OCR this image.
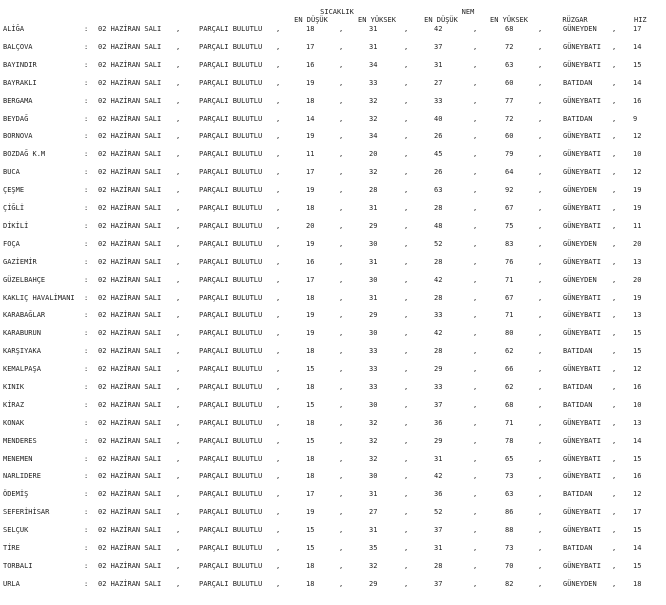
SICAKLIK	NEM
EN DÜŞÜK	EN YÜKSEK	EN DÜŞÜK	EN YÜKSEK	RÜZGAR	HIZ
ALİĞA	: 02 HAZİRAN SALI ,	PARÇALI BULUTLU ,	18	,	31	,	42	,	68	,	GÜNEYDEN , 17
BALÇOVA	: 02 HAZİRAN SALI ,	PARÇALI BULUTLU ,	17	,	31	,	37	,	72	,	GÜNEYBATI , 14
BAYINDIR	: 02 HAZİRAN SALI ,	PARÇALI BULUTLU ,	16	,	34	,	31	,	63	,	GÜNEYBATI , 15
BAYRAKLI	: 02 HAZİRAN SALI ,	PARÇALI BULUTLU ,	19	,	33	,	27	,	60	,	BATIDAN	, 14
BERGAMA	: 02 HAZİRAN SALI ,	PARÇALI BULUTLU ,	18	,	32	,	33	,	77	,	GÜNEYBATI , 16
BEYDAĞ	: 02 HAZİRAN SALI ,	PARÇALI BULUTLU ,	14	,	32	,	40	,	72	,	BATIDAN	, 9
BORNOVA	: 02 HAZİRAN SALI ,	PARÇALI BULUTLU ,	19	,	34	,	26	,	60	,	GÜNEYBATI , 12
BOZDAĞ K.M	: 02 HAZİRAN SALI ,	PARÇALI BULUTLU ,	11	,	20	,	45	,	79	,	GÜNEYBATI , 10
BUCA	: 02 HAZİRAN SALI ,	PARÇALI BULUTLU ,	17	,	32	,	26	,	64	,	GÜNEYBATI , 12
ÇEŞME	: 02 HAZİRAN SALI ,	PARÇALI BULUTLU ,	19	,	28	,	63	,	92	,	GÜNEYDEN , 19
ÇİĞLİ	: 02 HAZİRAN SALI ,	PARÇALI BULUTLU ,	18	,	31	,	28	,	67	,	GÜNEYBATI , 19
DİKİLİ	: 02 HAZİRAN SALI ,	PARÇALI BULUTLU ,	20	,	29	,	48	,	75	,	GÜNEYBATI , 11
FOÇA	: 02 HAZİRAN SALI ,	PARÇALI BULUTLU ,	19	,	30	,	52	,	83	,	GÜNEYDEN , 20
GAZİEMİR	: 02 HAZİRAN SALI ,	PARÇALI BULUTLU ,	16	,	31	,	28	,	76	,	GÜNEYBATI , 13
GÜZELBAHÇE	: 02 HAZİRAN SALI ,	PARÇALI BULUTLU ,	17	,	30	,	42	,	71	,	GÜNEYDEN , 20
KAKLIÇ HAVALİMANI : 02 HAZİRAN SALI ,	PARÇALI BULUTLU ,	18	,	31	,	28	,	67	,	GÜNEYBATI , 19
KARABAĞLAR	: 02 HAZİRAN SALI ,	PARÇALI BULUTLU ,	19	,	29	,	33	,	71	,	GÜNEYBATI , 13
KARABURUN	: 02 HAZİRAN SALI ,	PARÇALI BULUTLU ,	19	,	30	,	42	,	80	,	GÜNEYBATI , 15
KARŞIYAKA	: 02 HAZİRAN SALI ,	PARÇALI BULUTLU ,	18	,	33	,	28	,	62	,	BATIDAN	, 15
KEMALPAŞA	: 02 HAZİRAN SALI ,	PARÇALI BULUTLU ,	15	,	33	,	29	,	66	,	GÜNEYBATI , 12
KINIK	: 02 HAZİRAN SALI ,	PARÇALI BULUTLU ,	18	,	33	,	33	,	62	,	BATIDAN	, 16
KİRAZ	: 02 HAZİRAN SALI ,	PARÇALI BULUTLU ,	15	,	30	,	37	,	68	,	BATIDAN	, 10
KONAK	: 02 HAZİRAN SALI ,	PARÇALI BULUTLU ,	18	,	32	,	36	,	71	,	GÜNEYBATI , 13
MENDERES	: 02 HAZİRAN SALI ,	PARÇALI BULUTLU ,	15	,	32	,	29	,	78	,	GÜNEYBATI , 14
MENEMEN	: 02 HAZİRAN SALI ,	PARÇALI BULUTLU ,	18	,	32	,	31	,	65	,	GÜNEYBATI , 15
NARLIDERE	: 02 HAZİRAN SALI ,	PARÇALI BULUTLU ,	18	,	30	,	42	,	73	,	GÜNEYBATI , 16
ÖDEMİŞ	: 02 HAZİRAN SALI ,	PARÇALI BULUTLU ,	17	,	31	,	36	,	63	,	BATIDAN	, 12
SEFERİHİSAR	: 02 HAZİRAN SALI ,	PARÇALI BULUTLU ,	19	,	27	,	52	,	86	,	GÜNEYBATI , 17
SELÇUK	: 02 HAZİRAN SALI ,	PARÇALI BULUTLU ,	15	,	31	,	37	,	88	,	GÜNEYBATI , 15
TİRE	: 02 HAZİRAN SALI ,	PARÇALI BULUTLU ,	15	,	35	,	31	,	73	,	BATIDAN	, 14
TORBALI	: 02 HAZİRAN SALI ,	PARÇALI BULUTLU ,	18	,	32	,	28	,	70	,	GÜNEYBATI , 15
URLA	: 02 HAZİRAN SALI ,	PARÇALI BULUTLU ,	18	,	29	,	37	,	82	,	GÜNEYDEN , 18
